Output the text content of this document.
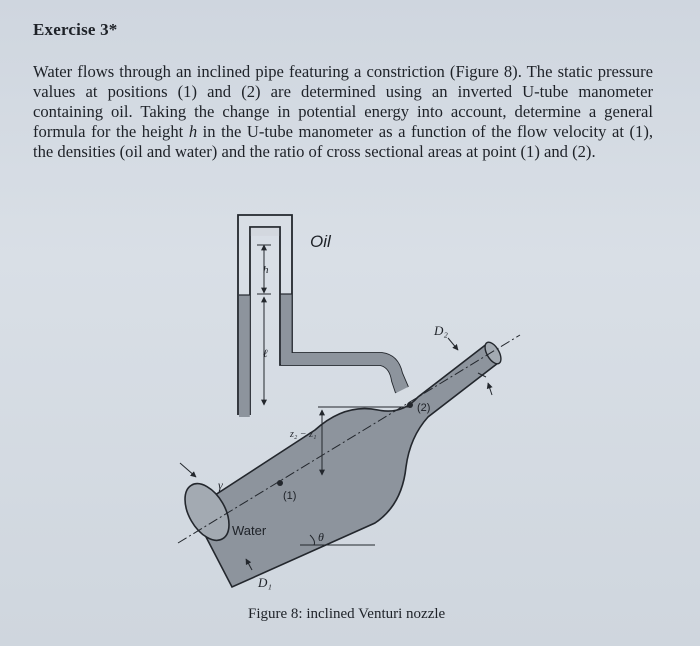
Exercise 3*
Water flows through an inclined pipe featuring a constriction (Figure 8). The static pressure values at positions (1) and (2) are determined using an inverted U-tube manometer containing oil. Taking the change in potential energy into account, determine a general formula for the height h in the U-tube manometer as a function of the flow velocity at (1), the densities (oil and water) and the ratio of cross sectional areas at point (1) and (2).
Oil
h
ℓ
γ
z₂ − z₁
(1)
(2)
Water	θ
D₁
D₂
Figure 8: inclined Venturi nozzle
